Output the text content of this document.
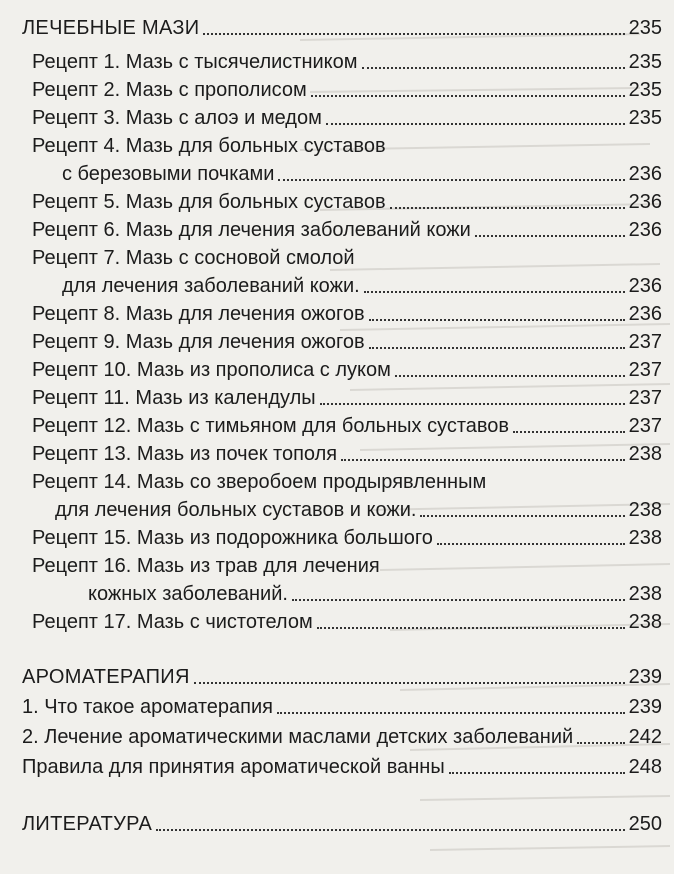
ЛЕЧЕБНЫЕ МАЗИ	235
Рецепт 1. Мазь с тысячелистником	235
Рецепт 2. Мазь с прополисом	235
Рецепт 3. Мазь с алоэ и медом	235
Рецепт 4. Мазь для больных суставов
с березовыми почками	236
Рецепт 5. Мазь для больных суставов	236
Рецепт 6. Мазь для лечения заболеваний кожи	236
Рецепт 7. Мазь с сосновой смолой
для лечения заболеваний кожи.	236
Рецепт 8. Мазь для лечения ожогов	236
Рецепт 9. Мазь для лечения ожогов	237
Рецепт 10. Мазь из прополиса с луком	237
Рецепт 11. Мазь из календулы	237
Рецепт 12. Мазь с тимьяном для больных суставов	237
Рецепт 13. Мазь из почек тополя	238
Рецепт 14. Мазь со зверобоем продырявленным
для лечения больных суставов и кожи.	238
Рецепт 15. Мазь из подорожника большого	238
Рецепт 16. Мазь из трав для лечения
кожных заболеваний.	238
Рецепт 17. Мазь с чистотелом	238
АРОМАТЕРАПИЯ	239
1. Что такое ароматерапия	239
2. Лечение ароматическими маслами детских заболеваний	242
Правила для принятия ароматической ванны	248
ЛИТЕРАТУРА	250
